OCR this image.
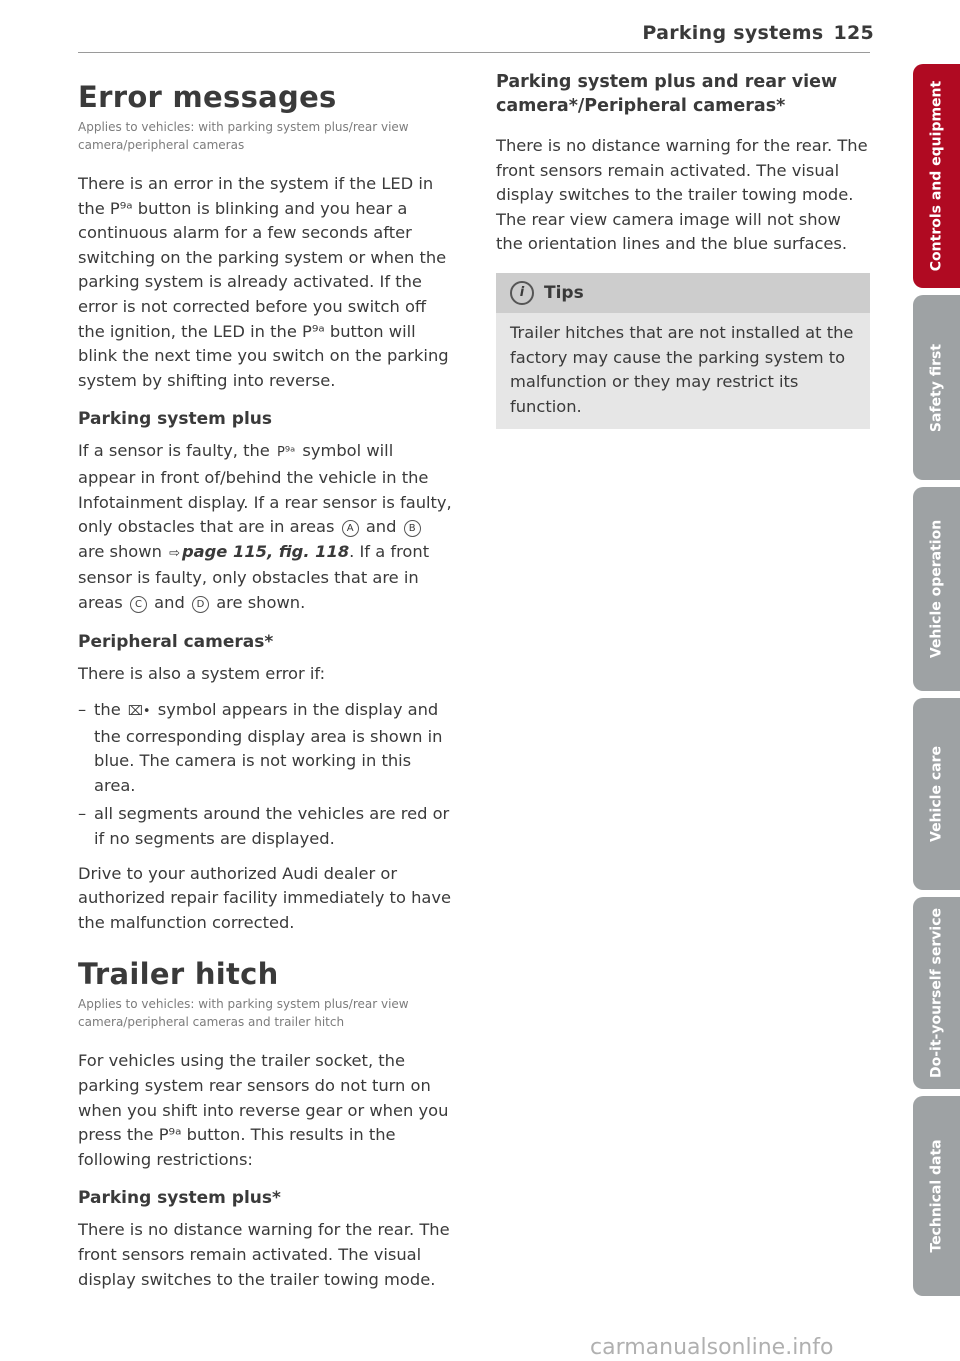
Parking systems 125
Error messages
Applies to vehicles: with parking system plus/rear view camera/peripheral cameras

There is an error in the system if the LED in the P⁹ᵃ button is blinking and you hear a continuous alarm for a few seconds after switching on the parking system or when the parking system is already activated. If the error is not corrected before you switch off the ignition, the LED in the P⁹ᵃ button will blink the next time you switch on the parking system by shifting into reverse.

Parking system plus

If a sensor is faulty, the P⁹ᵃ symbol will appear in front of/behind the vehicle in the Infotainment display. If a rear sensor is faulty, only obstacles that are in areas A and B are shown ⇨ page 115, fig. 118. If a front sensor is faulty, only obstacles that are in areas C and D are shown.

Peripheral cameras*

There is also a system error if:

– the ⌧• symbol appears in the display and the corresponding display area is shown in blue. The camera is not working in this area.
– all segments around the vehicles are red or if no segments are displayed.

Drive to your authorized Audi dealer or authorized repair facility immediately to have the malfunction corrected.

Trailer hitch
Applies to vehicles: with parking system plus/rear view camera/peripheral cameras and trailer hitch

For vehicles using the trailer socket, the parking system rear sensors do not turn on when you shift into reverse gear or when you press the P⁹ᵃ button. This results in the following restrictions:

Parking system plus*

There is no distance warning for the rear. The front sensors remain activated. The visual display switches to the trailer towing mode.

Parking system plus and rear view camera*/Peripheral cameras*

There is no distance warning for the rear. The front sensors remain activated. The visual display switches to the trailer towing mode. The rear view camera image will not show the orientation lines and the blue surfaces.

i	Tips
Trailer hitches that are not installed at the factory may cause the parking system to malfunction or they may restrict its function.
Controls and equipment
Safety first
Vehicle operation
Vehicle care
Do-it-yourself service
Technical data
carmanualsonline.info
